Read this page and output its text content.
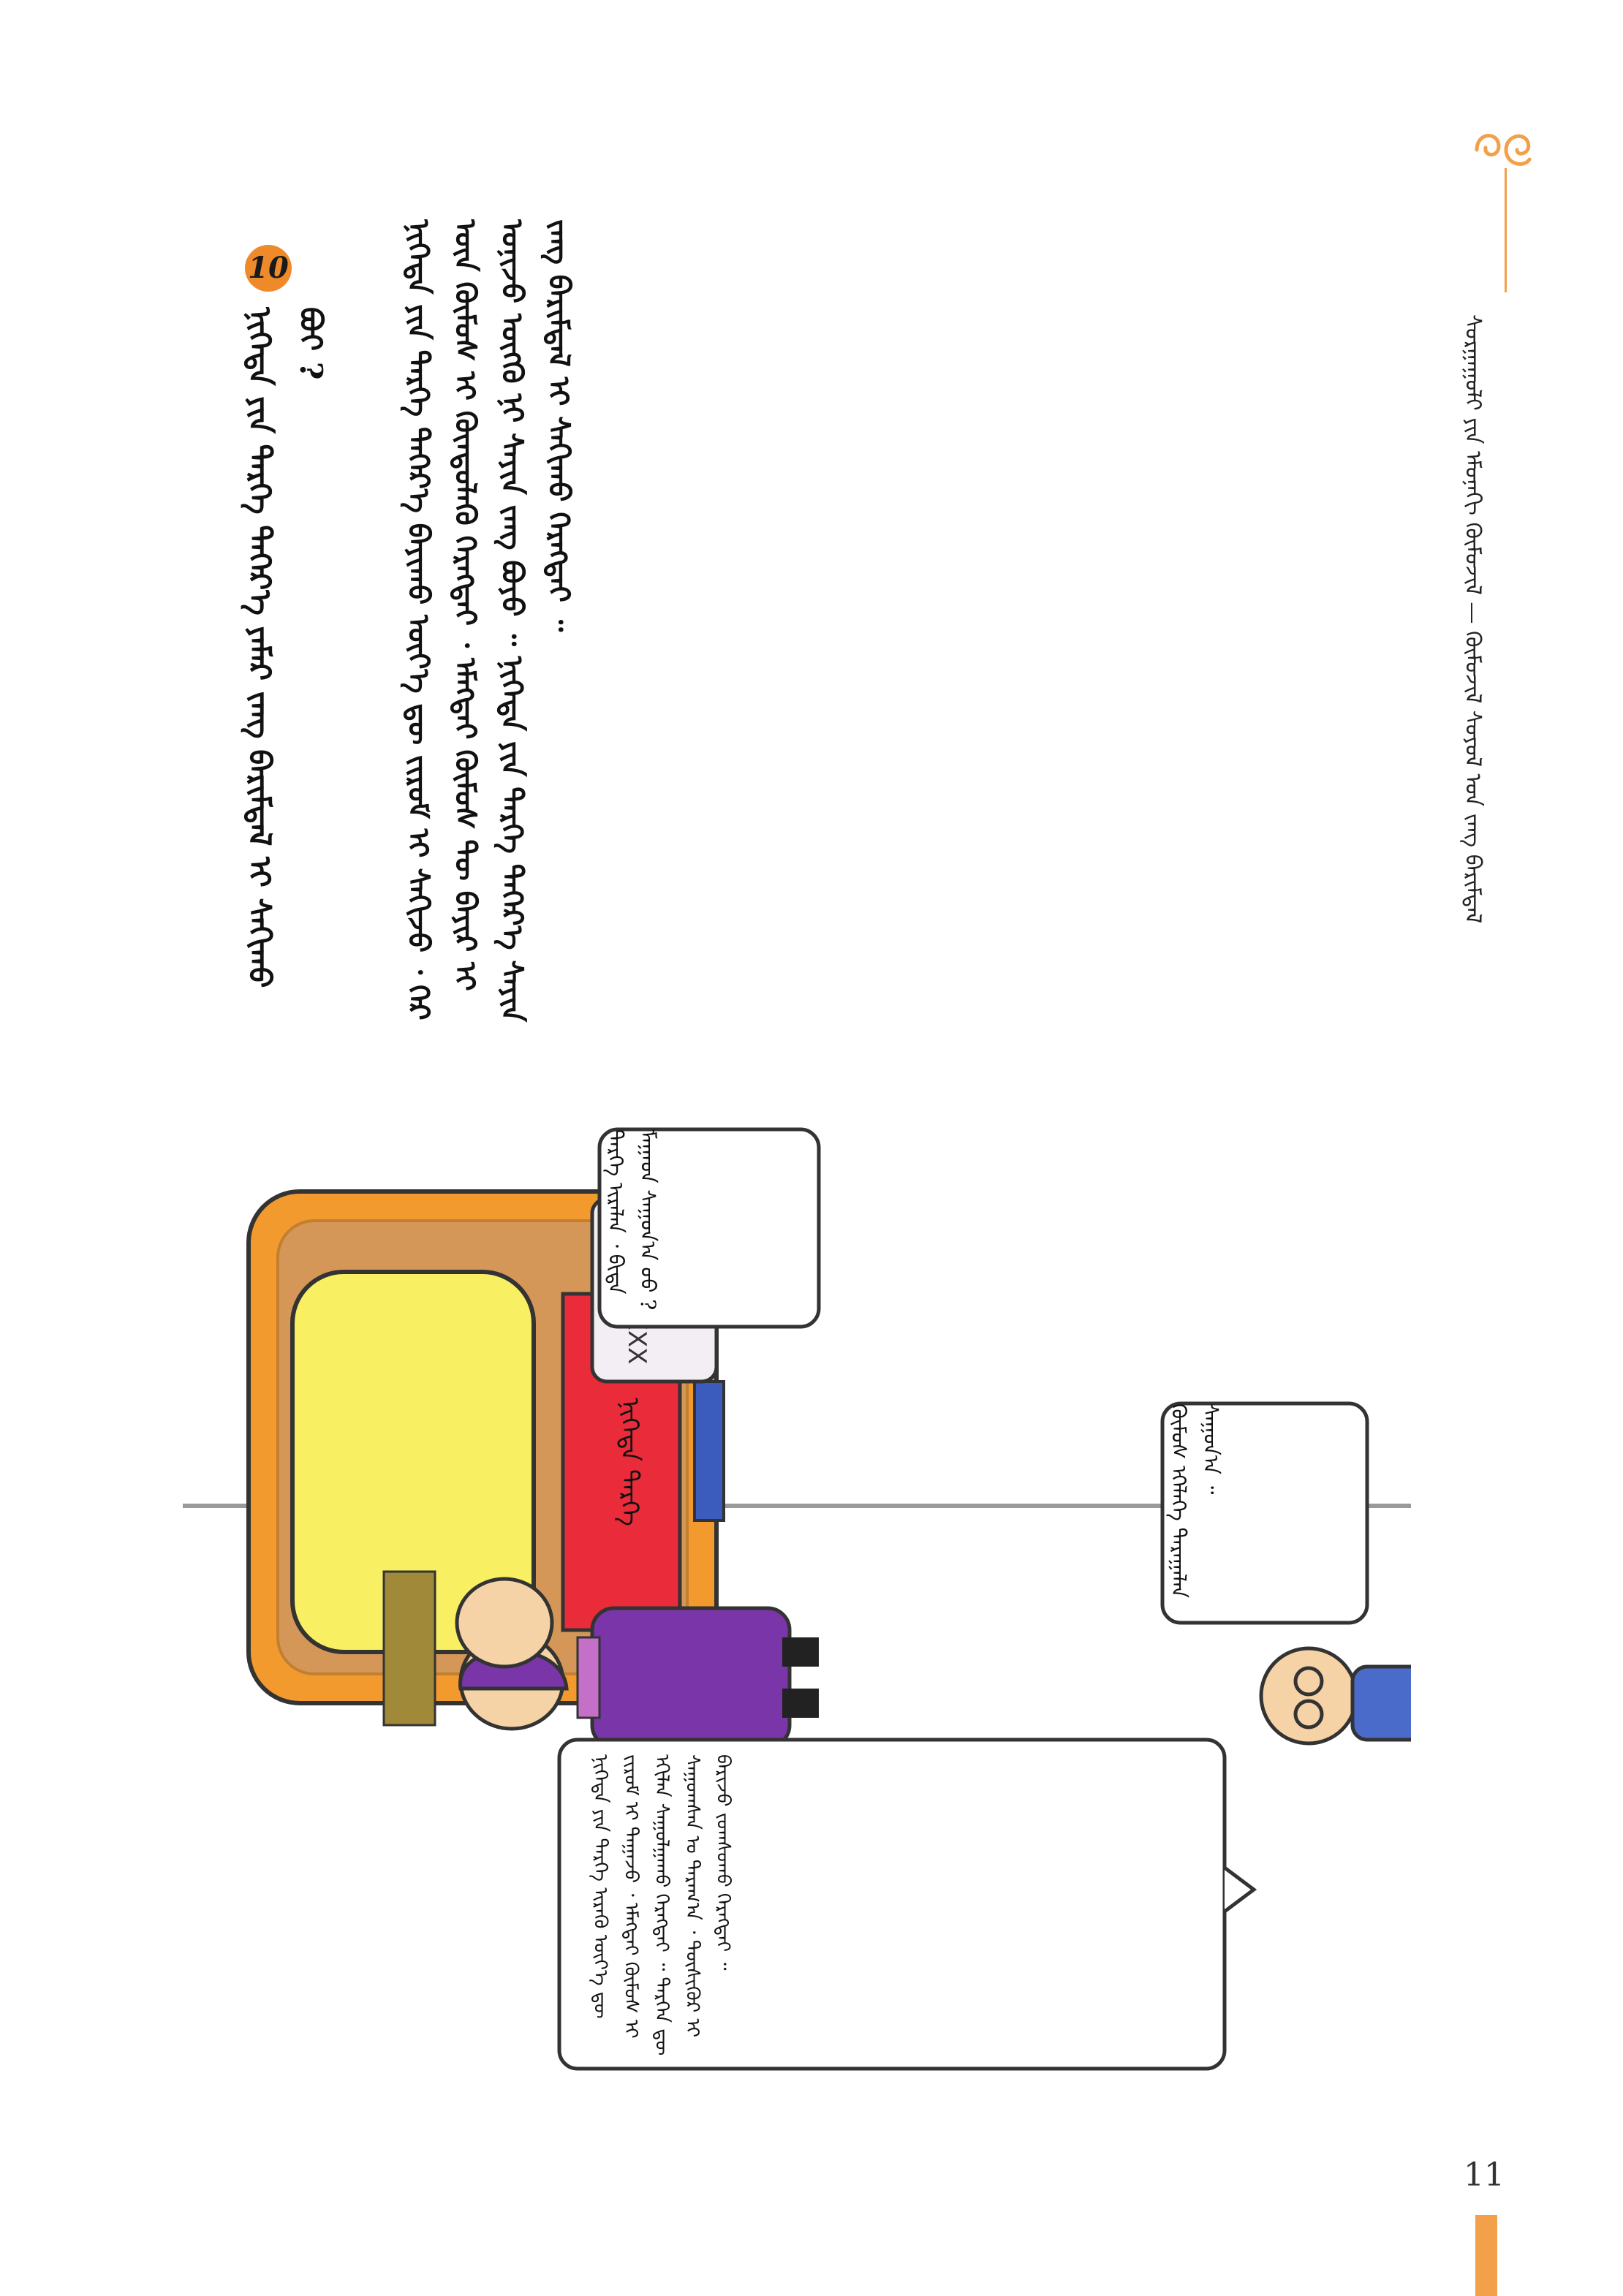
ᠰᠤᠷᠭᠠᠭᠤᠯᠢ ᠶᠢᠨ ᠡᠮᠦᠨᠡᠬᠢ ᠬᠦᠮᠦᠵᠢᠯ — ᠬᠦᠮᠦᠵᠢᠯ ᠰᠤᠶᠤᠯ ᠤᠨ ᠵᠠᠩ ᠪᠠᠷᠢᠮᠳᠠᠯ
ᠨᠢᠭᠡᠲᠡ ᠶᠢᠨ ᠲᠡᠷᠭᠡ ᠳᠡᠭᠡᠷ᠎ᠡ ᠪᠠᠶᠢᠬᠤ ᠦᠶ᠎ᠡ ᠳᠦ ᠵᠢᠷᠤᠮ ᠢ ᠰᠠᠬᠢᠵᠤ ᠂ ᠭᠡᠷ ᠦᠨ ᠬᠦᠮᠦᠰ ᠢ ᠬᠦᠨᠳᠦᠯᠡᠬᠦ ᠬᠡᠷᠡᠭᠲᠡᠢ ᠂ ᠡᠮᠡᠭᠲᠡᠢ ᠬᠦᠮᠦᠰ ᠲᠦ ᠪᠠᠶᠢᠷ ᠢ ᠤᠨᠢᠵᠤ ᠦᠭᠬᠦ ᠨᠢ ᠰᠠᠶᠢᠨ ᠵᠠᠩ ᠪᠤᠶᠤ ᠃ ᠨᠢᠭᠡᠲᠡ ᠶᠢᠨ ᠲᠡᠷᠭᠡ ᠳᠡᠭᠡᠷ᠎ᠡ ᠰᠠᠶᠢᠨ ᠵᠠᠩ ᠪᠠᠷᠢᠮᠳᠠᠯ ᠢ ᠰᠠᠬᠢᠬᠤ ᠬᠡᠷᠡᠭᠲᠡᠢ ᠃
10
ᠨᠢᠭᠡᠲᠡ ᠶᠢᠨ ᠲᠡᠷᠭᠡ ᠳᠡᠭᠡᠷ᠎ᠡ ᠶᠠᠮᠠᠷ ᠵᠠᠩ ᠪᠠᠷᠢᠮᠳᠠᠯ ᠢ ᠰᠠᠬᠢᠬᠤ ᠪᠤᠢ ?
ᠨᠢᠭᠡᠲᠡ ᠲᠡᠷᠭᠡ
ᠲᠡᠷᠭᠡ ᠢᠷᠡᠯᠡᠡ ᠂ ᠪᠢᠳᠡ ᠮᠠᠭᠠᠳ ᠰᠠᠭᠤᠨ᠎ᠠ ᠤᠤ ?
ᠬᠦᠮᠦᠰ ᠡᠬᠡᠯᠡᠭᠡ ᠳᠠᠷᠠᠭᠠᠯᠠᠨ ᠰᠠᠭᠤᠨ᠎ᠠ ᠃
ᠨᠢᠭᠡᠲᠡ ᠶᠢᠨ ᠲᠡᠷᠭᠡ ᠢᠷᠡᠬᠦ ᠦᠶ᠎ᠡ ᠳᠦ ᠵᠢᠷᠤᠮ ᠢ ᠳᠠᠭᠠᠵᠤ ᠂ ᠡᠮᠡᠭᠲᠡᠢ ᠬᠦᠮᠦᠰ ᠢ ᠡᠬᠢᠯᠡᠨ ᠰᠠᠭᠤᠯᠭᠠᠬᠤ ᠬᠡᠷᠡᠭᠲᠡᠢ ᠃ ᠲᠡᠷᠭᠡᠨ ᠳᠦ ᠰᠠᠭᠤᠭᠰᠠᠨ ᠤ ᠳᠠᠷᠠᠭ᠎ᠠ ᠂ ᠲᠦᠰᠢᠭᠦᠷ ᠢ ᠪᠠᠷᠢᠵᠤ ᠵᠣᠭᠰᠤᠬᠤ ᠬᠡᠷᠡᠭᠲᠡᠢ ᠃
11
